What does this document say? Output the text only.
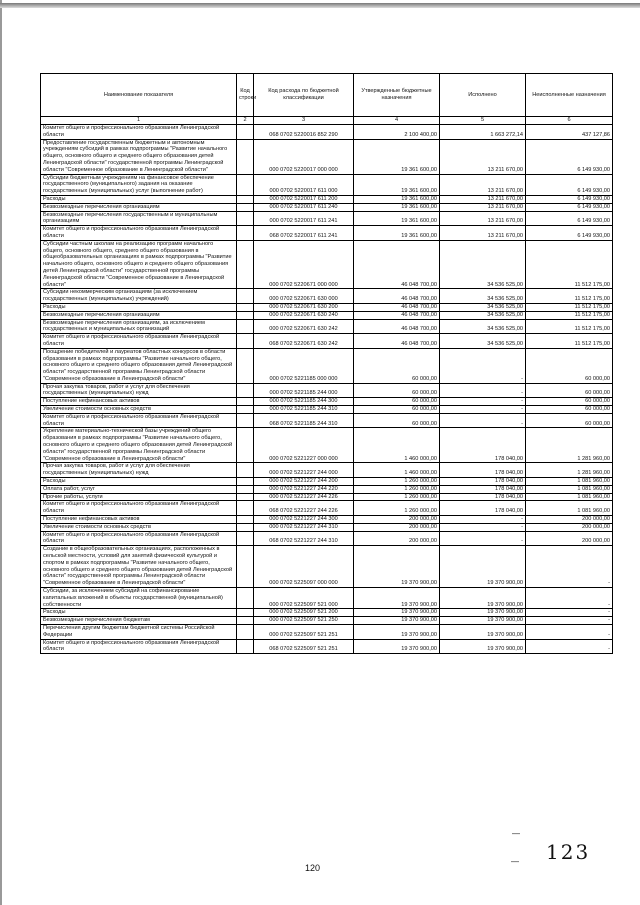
Наименование показателя	Код строки	Код расхода по бюджетной классификации	Утвержденные бюджетные назначения	Исполнено	Неисполненные назначения
1	2	3	4	5	6
Комитет общего и профессионального образования Ленинградской области		068 0702 5220016 852 290	2 100 400,00	1 663 272,14	437 127,86
Предоставление государственным бюджетным и автономным учреждениям субсидий в рамках подпрограммы "Развитие начального общего, основного общего и среднего общего образования детей Ленинградской области" государственной программы Ленинградской области "Современное образование в Ленинградской области"		000 0702 5220017 000 000	19 361 600,00	13 211 670,00	6 149 930,00
Субсидии бюджетным учреждениям на финансовое обеспечение государственного (муниципального) задания на оказание государственных (муниципальных) услуг (выполнение работ)		000 0702 5220017 611 000	19 361 600,00	13 211 670,00	6 149 930,00
Расходы		000 0702 5220017 611 200	19 361 600,00	13 211 670,00	6 149 930,00
Безвозмездные перечисления организациям		000 0702 5220017 611 240	19 361 600,00	13 211 670,00	6 149 930,00
Безвозмездные перечисления государственным и муниципальным организациям		000 0702 5220017 611 241	19 361 600,00	13 211 670,00	6 149 930,00
Комитет общего и профессионального образования Ленинградской области		068 0702 5220017 611 241	19 361 600,00	13 211 670,00	6 149 930,00
Субсидии частным школам на реализацию программ начального общего, основного общего, среднего общего образования в общеобразовательных организациях в рамках подпрограммы "Развитие начального общего, основного общего и среднего общего образования детей Ленинградской области" государственной программы Ленинградской области "Современное образование в Ленинградской области"		000 0702 5220671 000 000	46 048 700,00	34 536 525,00	11 512 175,00
Субсидии некоммерческим организациям (за исключением государственных (муниципальных) учреждений)		000 0702 5220671 630 000	46 048 700,00	34 536 525,00	11 512 175,00
Расходы		000 0702 5220671 630 200	46 048 700,00	34 536 525,00	11 512 175,00
Безвозмездные перечисления организациям		000 0702 5220671 630 240	46 048 700,00	34 536 525,00	11 512 175,00
Безвозмездные перечисления организациям, за исключением государственных и муниципальных организаций		000 0702 5220671 630 242	46 048 700,00	34 536 525,00	11 512 175,00
Комитет общего и профессионального образования Ленинградской области		068 0702 5220671 630 242	46 048 700,00	34 536 525,00	11 512 175,00
Поощрение победителей и лауреатов областных конкурсов в области образования в рамках подпрограммы "Развитие начального общего, основного общего и среднего общего образования детей Ленинградской области" государственной программы Ленинградской области "Современное образование в Ленинградской области"		000 0702 5221185 000 000	60 000,00	-	60 000,00
Прочая закупка товаров, работ и услуг для обеспечения государственных (муниципальных) нужд		000 0702 5221185 244 000	60 000,00	-	60 000,00
Поступление нефинансовых активов		000 0702 5221185 244 300	60 000,00	-	60 000,00
Увеличение стоимости основных средств		000 0702 5221185 244 310	60 000,00	-	60 000,00
Комитет общего и профессионального образования Ленинградской области		068 0702 5221185 244 310	60 000,00	-	60 000,00
Укрепление материально-технической базы учреждений общего образования в рамках подпрограммы "Развитие начального общего, основного общего и среднего общего образования детей Ленинградской области" государственной программы Ленинградской области "Современное образование в Ленинградской области"		000 0702 5221227 000 000	1 460 000,00	178 040,00	1 281 960,00
Прочая закупка товаров, работ и услуг для обеспечения государственных (муниципальных) нужд		000 0702 5221227 244 000	1 460 000,00	178 040,00	1 281 960,00
Расходы		000 0702 5221227 244 200	1 260 000,00	178 040,00	1 081 960,00
Оплата работ, услуг		000 0702 5221227 244 220	1 260 000,00	178 040,00	1 081 960,00
Прочие работы, услуги		000 0702 5221227 244 226	1 260 000,00	178 040,00	1 081 960,00
Комитет общего и профессионального образования Ленинградской области		068 0702 5221227 244 226	1 260 000,00	178 040,00	1 081 960,00
Поступление нефинансовых активов		000 0702 5221227 244 300	200 000,00	-	200 000,00
Увеличение стоимости основных средств		000 0702 5221227 244 310	200 000,00	-	200 000,00
Комитет общего и профессионального образования Ленинградской области		068 0702 5221227 244 310	200 000,00	-	200 000,00
Создание в общеобразовательных организациях, расположенных в сельской местности, условий для занятий физической культурой и спортом в рамках подпрограммы "Развитие начального общего, основного общего и среднего общего образования детей Ленинградской области" государственной программы Ленинградской области "Современное образование в Ленинградской области"		000 0702 5225097 000 000	19 370 900,00	19 370 900,00	-
Субсидии, за исключением субсидий на софинансирование капитальных вложений в объекты государственной (муниципальной) собственности		000 0702 5225097 521 000	19 370 900,00	19 370 900,00	-
Расходы		000 0702 5225097 521 200	19 370 900,00	19 370 900,00	-
Безвозмездные перечисления бюджетам		000 0702 5225097 521 250	19 370 900,00	19 370 900,00	-
Перечисления другим бюджетам бюджетной системы Российской Федерации		000 0702 5225097 521 251	19 370 900,00	19 370 900,00	-
Комитет общего и профессионального образования Ленинградской области		068 0702 5225097 521 251	19 370 900,00	19 370 900,00	-
—
123
—
120
